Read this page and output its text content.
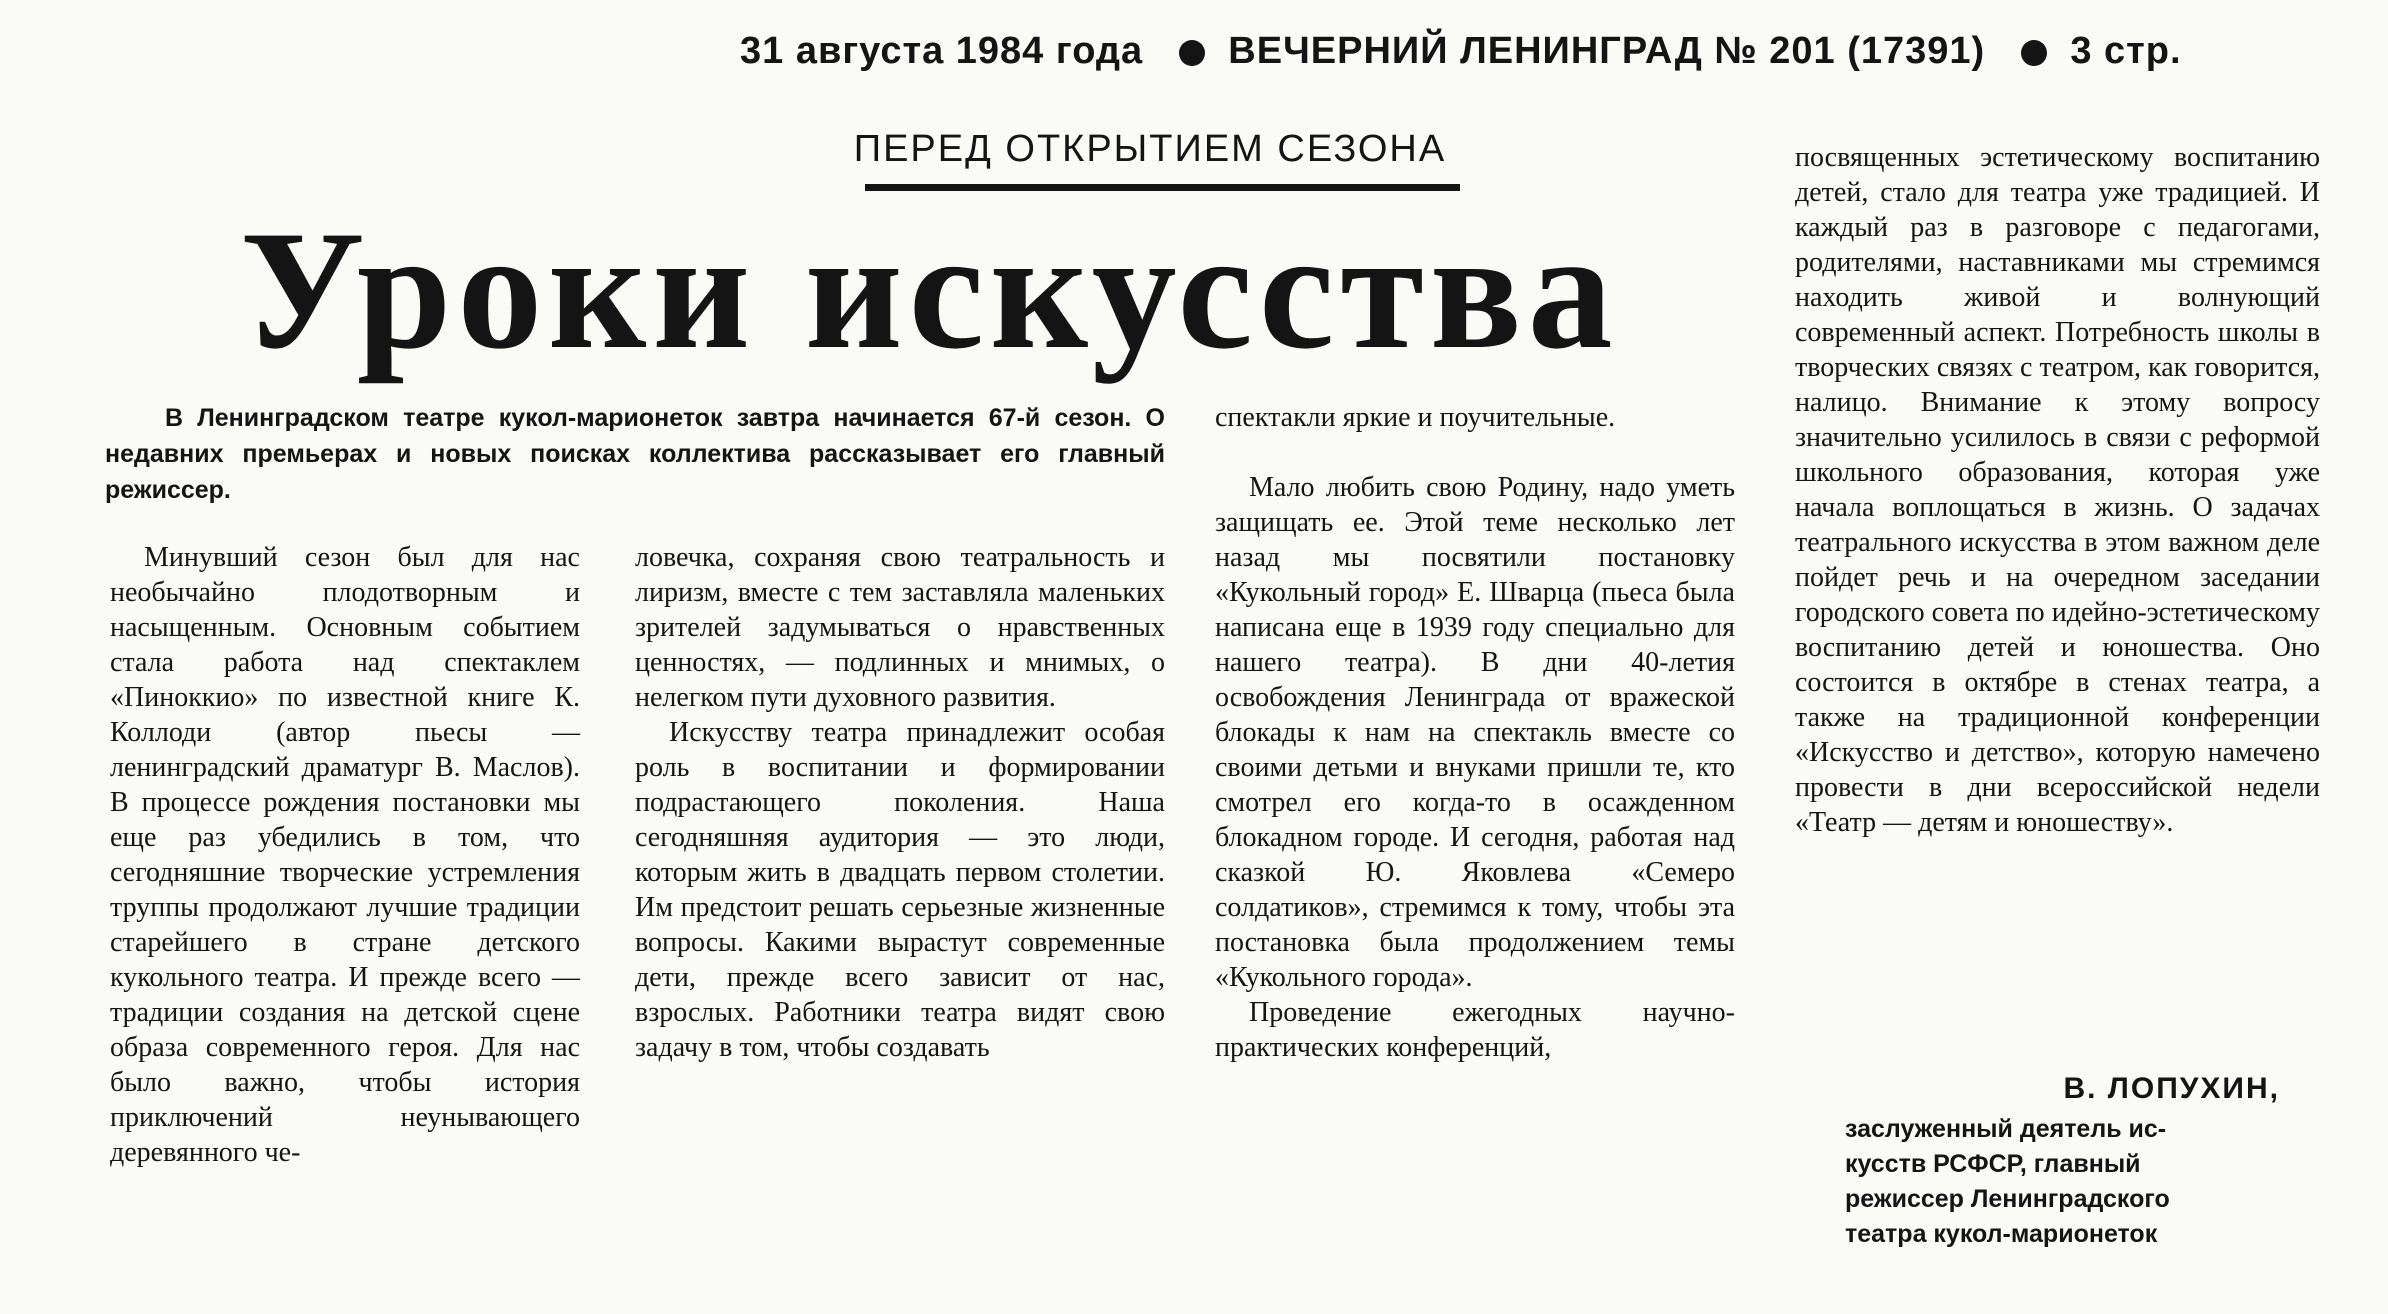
31 августа 1984 года ВЕЧЕРНИЙ ЛЕНИНГРАД № 201 (17391) 3 стр.
ПЕРЕД ОТКРЫТИЕМ СЕЗОНА
Уроки искусства

В Ленинградском театре кукол-марионеток завтра начинается 67-й сезон. О недавних премьерах и новых поисках коллектива рассказывает его главный режиссер.

Минувший сезон был для нас необычайно плодотворным и насыщенным. Основным событием стала работа над спектаклем «Пиноккио» по известной книге К. Коллоди (автор пьесы — ленинградский драматург В. Маслов). В процессе рождения постановки мы еще раз убедились в том, что сегодняшние творческие устремления труппы продолжают лучшие традиции старейшего в стране детского кукольного театра. И прежде всего — традиции создания на детской сцене образа современного героя. Для нас было важно, чтобы история приключений неунывающего деревянного че-

ловечка, сохраняя свою театральность и лиризм, вместе с тем заставляла маленьких зрителей задумываться о нравственных ценностях, — подлинных и мнимых, о нелегком пути духовного развития.

Искусству театра принадлежит особая роль в воспитании и формировании подрастающего поколения. Наша сегодняшняя аудитория — это люди, которым жить в двадцать первом столетии. Им предстоит решать серьезные жизненные вопросы. Какими вырастут современные дети, прежде всего зависит от нас, взрослых. Работники театра видят свою задачу в том, чтобы создавать

спектакли яркие и поучительные.

Мало любить свою Родину, надо уметь защищать ее. Этой теме несколько лет назад мы посвятили постановку «Кукольный город» Е. Шварца (пьеса была написана еще в 1939 году специально для нашего театра). В дни 40-летия освобождения Ленинграда от вражеской блокады к нам на спектакль вместе со своими детьми и внуками пришли те, кто смотрел его когда-то в осажденном блокадном городе. И сегодня, работая над сказкой Ю. Яковлева «Семеро солдатиков», стремимся к тому, чтобы эта постановка была продолжением темы «Кукольного города».

Проведение ежегодных научно-практических конференций,

посвященных эстетическому воспитанию детей, стало для театра уже традицией. И каждый раз в разговоре с педагогами, родителями, наставниками мы стремимся находить живой и волнующий современный аспект. Потребность школы в творческих связях с театром, как говорится, налицо. Внимание к этому вопросу значительно усилилось в связи с реформой школьного образования, которая уже начала воплощаться в жизнь. О задачах театрального искусства в этом важном деле пойдет речь и на очередном заседании городского совета по идейно-эстетическому воспитанию детей и юношества. Оно состоится в октябре в стенах театра, а также на традиционной конференции «Искусство и детство», которую намечено провести в дни всероссийской недели «Театр — детям и юношеству».

В. ЛОПУХИН,
заслуженный деятель ис-
кусств РСФСР, главный
режиссер Ленинградского
театра кукол-марионеток
